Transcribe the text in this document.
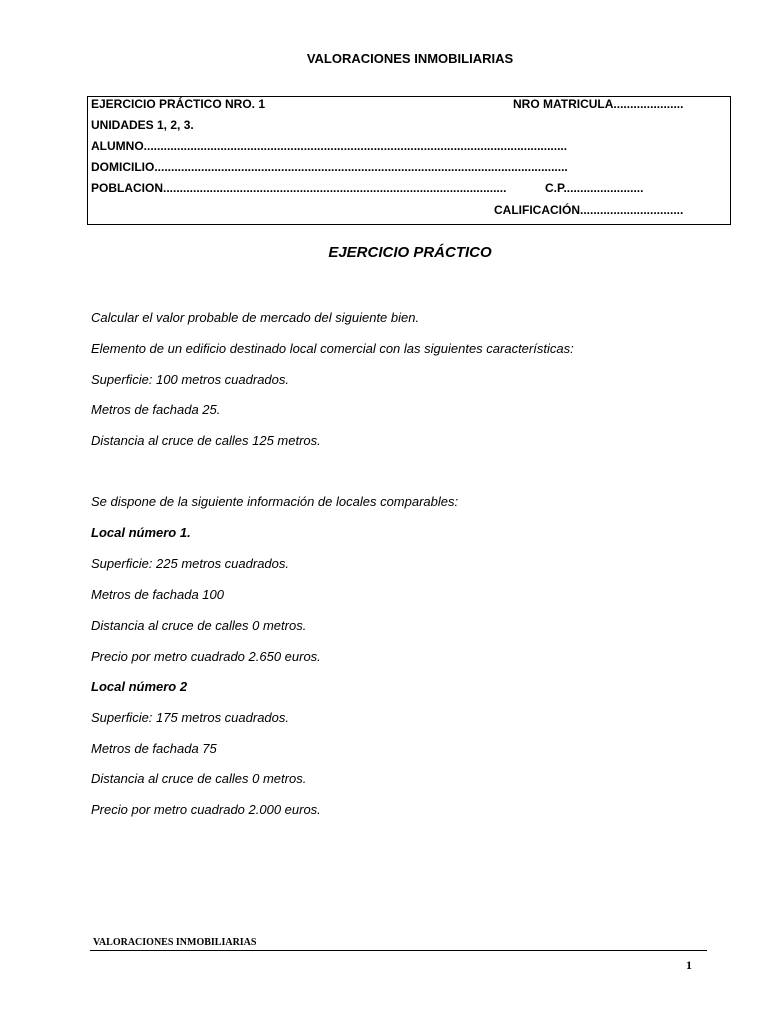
VALORACIONES INMOBILIARIAS
EJERCICIO PRÁCTICO NRO. 1	NRO MATRICULA.....................
UNIDADES 1, 2, 3.
ALUMNO...............................................................................................................................
DOMICILIO............................................................................................................................
POBLACION.......................................................................................................	C.P........................
CALIFICACIÓN...............................
EJERCICIO PRÁCTICO
Calcular el valor probable de mercado del siguiente bien.
Elemento de un edificio destinado local comercial con las siguientes características:
Superficie: 100 metros cuadrados.
Metros de fachada 25.
Distancia al cruce de calles 125 metros.
Se dispone de la siguiente información de locales comparables:
Local número 1.
Superficie: 225 metros cuadrados.
Metros de fachada 100
Distancia al cruce de calles 0 metros.
Precio por metro cuadrado 2.650 euros.
Local número 2
Superficie: 175 metros cuadrados.
Metros de fachada 75
Distancia al cruce de calles 0 metros.
Precio por metro cuadrado 2.000 euros.
VALORACIONES INMOBILIARIAS
1
